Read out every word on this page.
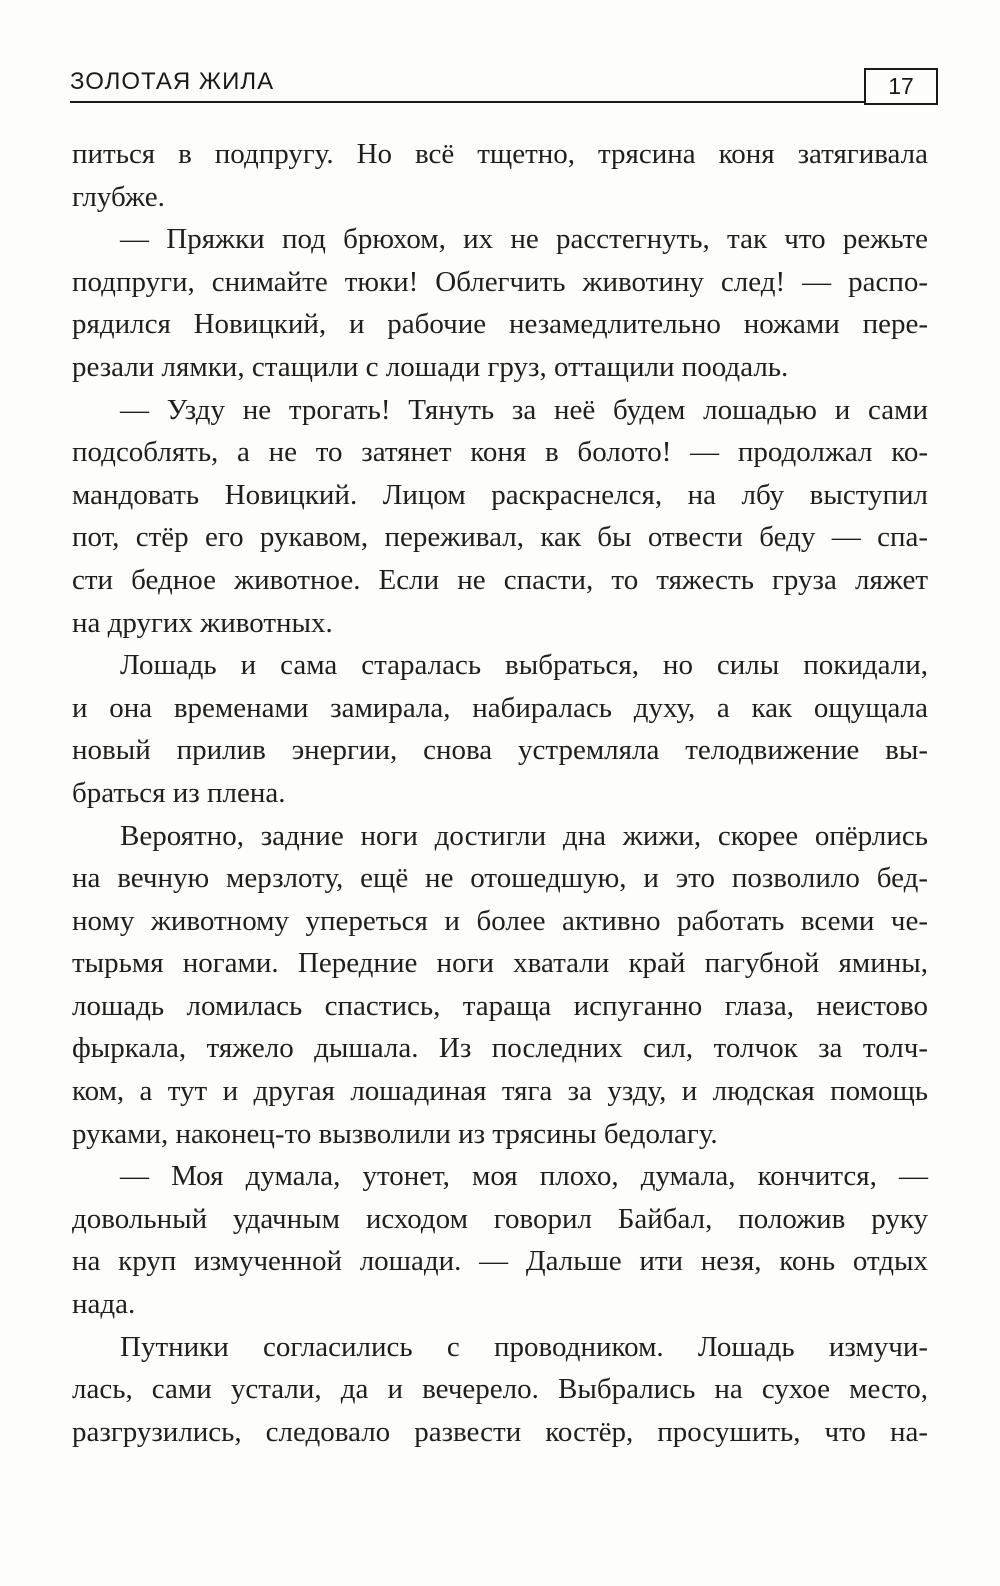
ЗОЛОТАЯ ЖИЛА	17
питься в подпругу. Но всё тщетно, трясина коня затягивала
глубже.
— Пряжки под брюхом, их не расстегнуть, так что режьте
подпруги, снимайте тюки! Облегчить животину след! — распо-
рядился Новицкий, и рабочие незамедлительно ножами пере-
резали лямки, стащили с лошади груз, оттащили поодаль.
— Узду не трогать! Тянуть за неё будем лошадью и сами
подсоблять, а не то затянет коня в болото! — продолжал ко-
мандовать Новицкий. Лицом раскраснелся, на лбу выступил
пот, стёр его рукавом, переживал, как бы отвести беду — спа-
сти бедное животное. Если не спасти, то тяжесть груза ляжет
на других животных.
Лошадь и сама старалась выбраться, но силы покидали,
и она временами замирала, набиралась духу, а как ощущала
новый прилив энергии, снова устремляла телодвижение вы-
браться из плена.
Вероятно, задние ноги достигли дна жижи, скорее опёрлись
на вечную мерзлоту, ещё не отошедшую, и это позволило бед-
ному животному упереться и более активно работать всеми че-
тырьмя ногами. Передние ноги хватали край пагубной ямины,
лошадь ломилась спастись, тараща испуганно глаза, неистово
фыркала, тяжело дышала. Из последних сил, толчок за толч-
ком, а тут и другая лошадиная тяга за узду, и людская помощь
руками, наконец-то вызволили из трясины бедолагу.
— Моя думала, утонет, моя плохо, думала, кончится, —
довольный удачным исходом говорил Байбал, положив руку
на круп измученной лошади. — Дальше ити незя, конь отдых
нада.
Путники согласились с проводником. Лошадь измучи-
лась, сами устали, да и вечерело. Выбрались на сухое место,
разгрузились, следовало развести костёр, просушить, что на-
